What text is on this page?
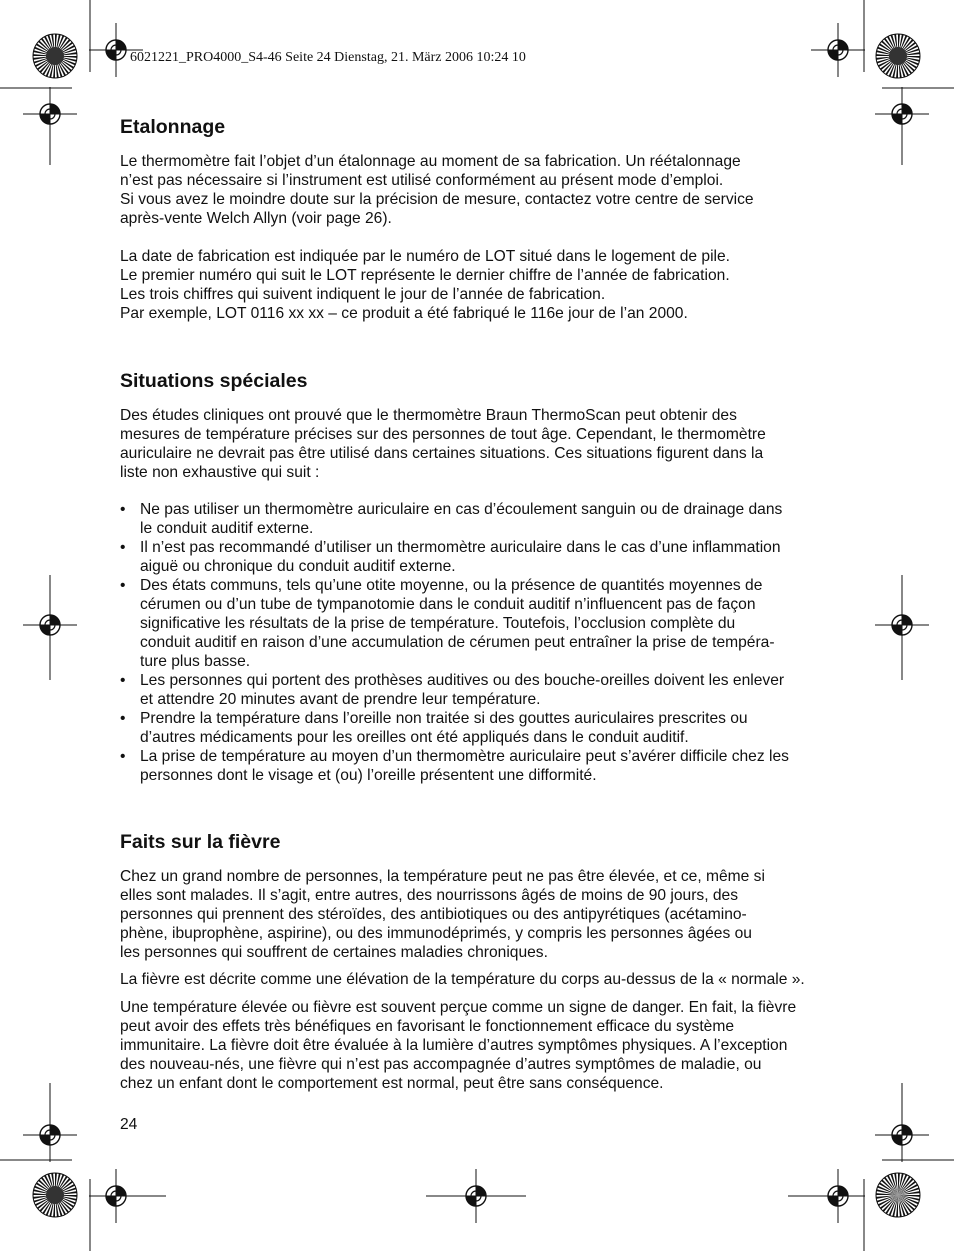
6021221_PRO4000_S4-46 Seite 24 Dienstag, 21. März 2006 10:24 10
Etalonnage

Le thermomètre fait l’objet d’un étalonnage au moment de sa fabrication. Un réétalonnage
n’est pas nécessaire si l’instrument est utilisé conformément au présent mode d’emploi.
Si vous avez le moindre doute sur la précision de mesure, contactez votre centre de service
après-vente Welch Allyn (voir page 26).

La date de fabrication est indiquée par le numéro de LOT situé dans le logement de pile.
Le premier numéro qui suit le LOT représente le dernier chiffre de l’année de fabrication.
Les trois chiffres qui suivent indiquent le jour de l’année de fabrication.
Par exemple, LOT 0116 xx xx – ce produit a été fabriqué le 116e jour de l’an 2000.

Situations spéciales

Des études cliniques ont prouvé que le thermomètre Braun ThermoScan peut obtenir des
mesures de température précises sur des personnes de tout âge. Cependant, le thermomètre
auriculaire ne devrait pas être utilisé dans certaines situations. Ces situations figurent dans la
liste non exhaustive qui suit :

• Ne pas utiliser un thermomètre auriculaire en cas d’écoulement sanguin ou de drainage dans
le conduit auditif externe.
• Il n’est pas recommandé d’utiliser un thermomètre auriculaire dans le cas d’une inflammation
aiguë ou chronique du conduit auditif externe.
• Des états communs, tels qu’une otite moyenne, ou la présence de quantités moyennes de
cérumen ou d’un tube de tympanotomie dans le conduit auditif n’influencent pas de façon
significative les résultats de la prise de température. Toutefois, l’occlusion complète du
conduit auditif en raison d’une accumulation de cérumen peut entraîner la prise de tempéra-
ture plus basse.
• Les personnes qui portent des prothèses auditives ou des bouche-oreilles doivent les enlever
et attendre 20 minutes avant de prendre leur température.
• Prendre la température dans l’oreille non traitée si des gouttes auriculaires prescrites ou
d’autres médicaments pour les oreilles ont été appliqués dans le conduit auditif.
• La prise de température au moyen d’un thermomètre auriculaire peut s’avérer difficile chez les
personnes dont le visage et (ou) l’oreille présentent une difformité.
Faits sur la fièvre

Chez un grand nombre de personnes, la température peut ne pas être élevée, et ce, même si
elles sont malades. Il s’agit, entre autres, des nourrissons âgés de moins de 90 jours, des
personnes qui prennent des stéroïdes, des antibiotiques ou des antipyrétiques (acétamino-
phène, ibuprophène, aspirine), ou des immunodéprimés, y compris les personnes âgées ou
les personnes qui souffrent de certaines maladies chroniques.

La fièvre est décrite comme une élévation de la température du corps au-dessus de la « normale ».

Une température élevée ou fièvre est souvent perçue comme un signe de danger. En fait, la fièvre
peut avoir des effets très bénéfiques en favorisant le fonctionnement efficace du système
immunitaire. La fièvre doit être évaluée à la lumière d’autres symptômes physiques. A l’exception
des nouveau-nés, une fièvre qui n’est pas accompagnée d’autres symptômes de maladie, ou
chez un enfant dont le comportement est normal, peut être sans conséquence.

24
